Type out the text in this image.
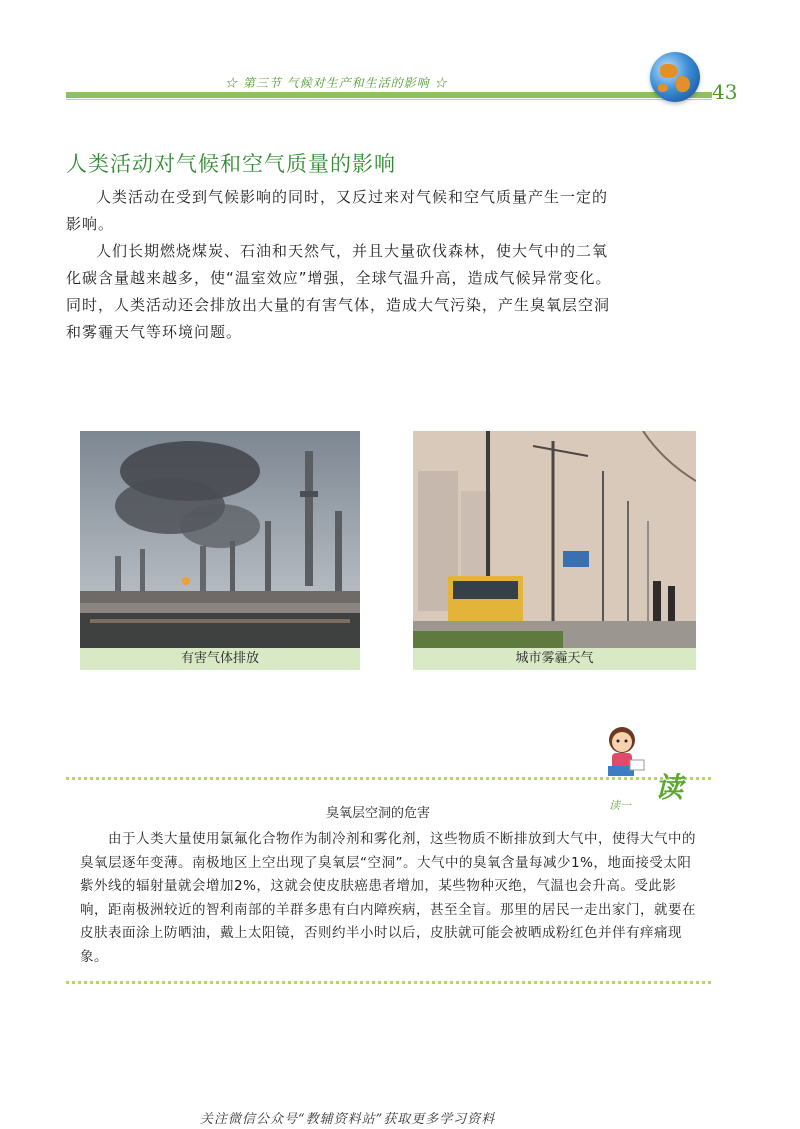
☆ 第三节 气候对生产和生活的影响 ☆	43
人类活动对气候和空气质量的影响

人类活动在受到气候影响的同时，又反过来对气候和空气质量产生一定的影响。

人们长期燃烧煤炭、石油和天然气，并且大量砍伐森林，使大气中的二氧化碳含量越来越多，使“温室效应”增强，全球气温升高，造成气候异常变化。同时，人类活动还会排放出大量的有害气体，造成大气污染，产生臭氧层空洞和雾霾天气等环境问题。

有害气体排放	城市雾霾天气
读一
读
臭氧层空洞的危害

由于人类大量使用氯氟化合物作为制冷剂和雾化剂，这些物质不断排放到大气中，使得大气中的臭氧层逐年变薄。南极地区上空出现了臭氧层“空洞”。大气中的臭氧含量每减少1%，地面接受太阳紫外线的辐射量就会增加2%，这就会使皮肤癌患者增加，某些物种灭绝，气温也会升高。受此影响，距南极洲较近的智利南部的羊群多患有白内障疾病，甚至全盲。那里的居民一走出家门，就要在皮肤表面涂上防晒油，戴上太阳镜，否则约半小时以后，皮肤就可能会被晒成粉红色并伴有痒痛现象。

关注微信公众号“教辅资料站”获取更多学习资料
